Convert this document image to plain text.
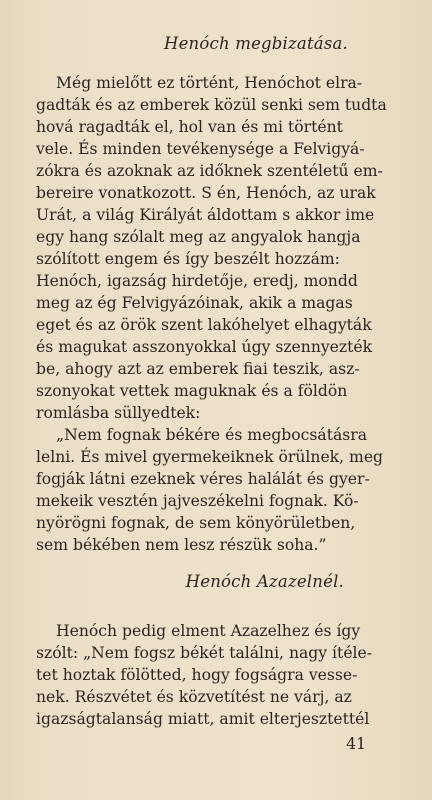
Henóch megbizatása.

Még mielőtt ez történt, Henóchot elra-

gadták és az emberek közül senki sem tudta

hová ragadták el, hol van és mi történt

vele. És minden tevékenysége a Felvigyá-

zókra és azoknak az időknek szentéletű em-

bereire vonatkozott. S én, Henóch, az urak

Urát, a világ Királyát áldottam s akkor ime

egy hang szólalt meg az angyalok hangja

szólított engem és így beszélt hozzám:

Henóch, igazság hirdetője, eredj, mondd

meg az ég Felvigyázóinak, akik a magas

eget és az örök szent lakóhelyet elhagyták

és magukat asszonyokkal úgy szennyezték

be, ahogy azt az emberek fiai teszik, asz-

szonyokat vettek maguknak és a földön

romlásba süllyedtek:

„Nem fognak békére és megbocsátásra

lelni. És mivel gyermekeiknek örülnek, meg

fogják látni ezeknek véres halálát és gyer-

mekeik vesztén jajveszékelni fognak. Kö-

nyörögni fognak, de sem könyörületben,

sem békében nem lesz részük soha.”

Henóch Azazelnél.

Henóch pedig elment Azazelhez és így

szólt: „Nem fogsz békét találni, nagy ítéle-

tet hoztak fölötted, hogy fogságra vesse-

nek. Részvétet és közvetítést ne várj, az

igazságtalanság miatt, amit elterjesztettél

41
